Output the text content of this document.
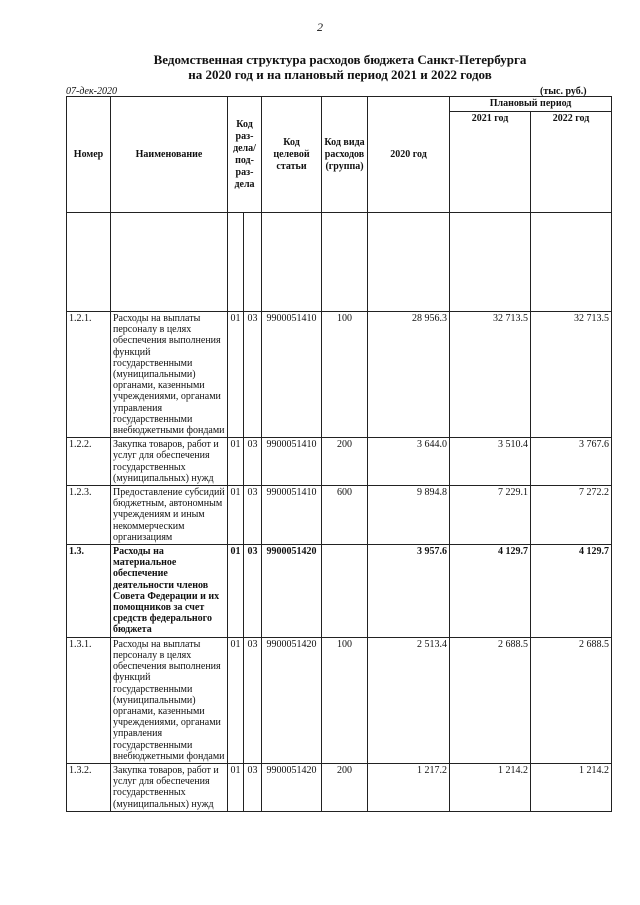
2
Ведомственная структура расходов бюджета Санкт-Петербурга
на 2020 год и на плановый период 2021 и 2022 годов
07-дек-2020	(тыс. руб.)
Номер	Наименование	Код раз- дела/ под- раз- дела		Код целевой статьи	Код вида расходов (группа)	2020 год	Плановый период	
							2021 год	2022 год

1.2.1.	Расходы на выплаты персоналу в целях обеспечения выполнения функций государственными (муниципальными) органами, казенными учреждениями, органами управления государственными внебюджетными фондами	01	03	9900051410	100	28 956.3	32 713.5	32 713.5
1.2.2.	Закупка товаров, работ и услуг для обеспечения государственных (муниципальных) нужд	01	03	9900051410	200	3 644.0	3 510.4	3 767.6
1.2.3.	Предоставление субсидий бюджетным, автономным учреждениям и иным некоммерческим организациям	01	03	9900051410	600	9 894.8	7 229.1	7 272.2
1.3.	Расходы на материальное обеспечение деятельности членов Совета Федерации и их помощников за счет средств федерального бюджета	01	03	9900051420		3 957.6	4 129.7	4 129.7
1.3.1.	Расходы на выплаты персоналу в целях обеспечения выполнения функций государственными (муниципальными) органами, казенными учреждениями, органами управления государственными внебюджетными фондами	01	03	9900051420	100	2 513.4	2 688.5	2 688.5
1.3.2.	Закупка товаров, работ и услуг для обеспечения государственных (муниципальных) нужд	01	03	9900051420	200	1 217.2	1 214.2	1 214.2
